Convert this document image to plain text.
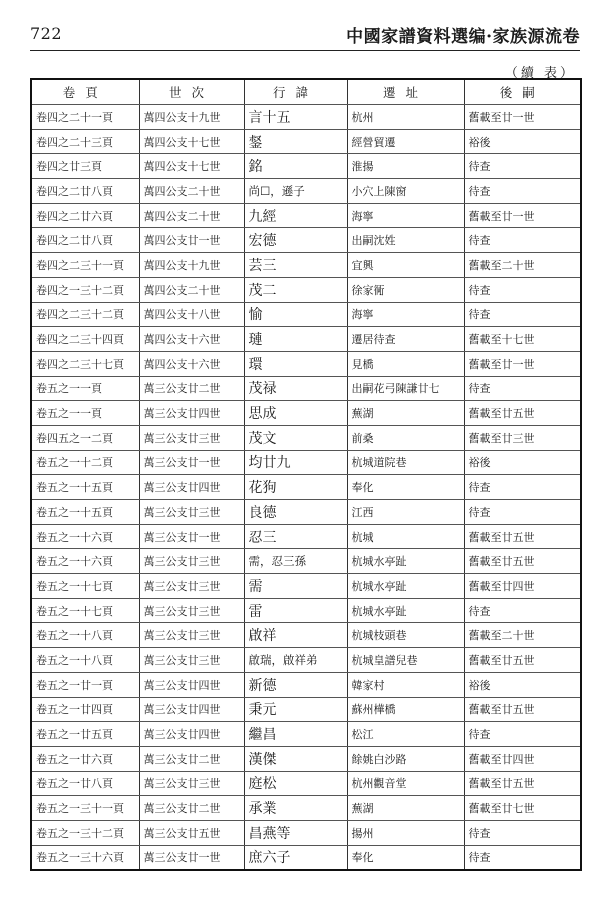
722	中國家譜資料選编·家族源流卷
（續 表）
卷頁	世次	行諱	遷址	後嗣
卷四之二十一頁	萬四公支十九世	言十五	杭州	舊載至廿一世
卷四之二十三頁	萬四公支十七世	錖	經營貿遷	裕後
卷四之廿三頁	萬四公支十七世	銘	淮揚	待查
卷四之二廿八頁	萬四公支二十世	尚☐，遜子	小穴上陳窗	待查
卷四之二廿六頁	萬四公支二十世	九經	海寧	舊載至廿一世
卷四之二廿八頁	萬四公支廿一世	宏德	出嗣沈姓	待查
卷四之二三十一頁	萬四公支十九世	芸三	宜興	舊載至二十世
卷四之一三十二頁	萬四公支二十世	茂二	徐家衕	待查
卷四之二三十二頁	萬四公支十八世	愉	海寧	待查
卷四之二三十四頁	萬四公支十六世	璉	遷居待查	舊載至十七世
卷四之二三十七頁	萬四公支十六世	環	見橋	舊載至廿一世
卷五之一一頁	萬三公支廿二世	茂禄	出嗣花弓陳謙廿七	待查
卷五之一一頁	萬三公支廿四世	思成	蕪湖	舊載至廿五世
卷四五之一二頁	萬三公支廿三世	茂文	前桑	舊載至廿三世
卷五之一十二頁	萬三公支廿一世	均廿九	杭城道院巷	裕後
卷五之一十五頁	萬三公支廿四世	花狗	奉化	待查
卷五之一十五頁	萬三公支廿三世	良德	江西	待查
卷五之一十六頁	萬三公支廿一世	忍三	杭城	舊載至廿五世
卷五之一十六頁	萬三公支廿三世	需，忍三孫	杭城水亭趾	舊載至廿五世
卷五之一十七頁	萬三公支廿三世	需	杭城水亭趾	舊載至廿四世
卷五之一十七頁	萬三公支廿三世	雷	杭城水亭趾	待查
卷五之一十八頁	萬三公支廿三世	啟祥	杭城枝頭巷	舊載至二十世
卷五之一十八頁	萬三公支廿三世	啟瑞，啟祥弟	杭城皇譜兒巷	舊載至廿五世
卷五之一廿一頁	萬三公支廿四世	新德	韓家村	裕後
卷五之一廿四頁	萬三公支廿四世	秉元	蘇州樺橋	舊載至廿五世
卷五之一廿五頁	萬三公支廿四世	繼昌	松江	待查
卷五之一廿六頁	萬三公支廿二世	漢傑	餘姚白沙路	舊載至廿四世
卷五之一廿八頁	萬三公支廿三世	庭松	杭州觀音堂	舊載至廿五世
卷五之一三十一頁	萬三公支廿二世	承業	蕪湖	舊載至廿七世
卷五之一三十二頁	萬三公支廿五世	昌燕等	揚州	待查
卷五之一三十六頁	萬三公支廿一世	庶六子	奉化	待查
